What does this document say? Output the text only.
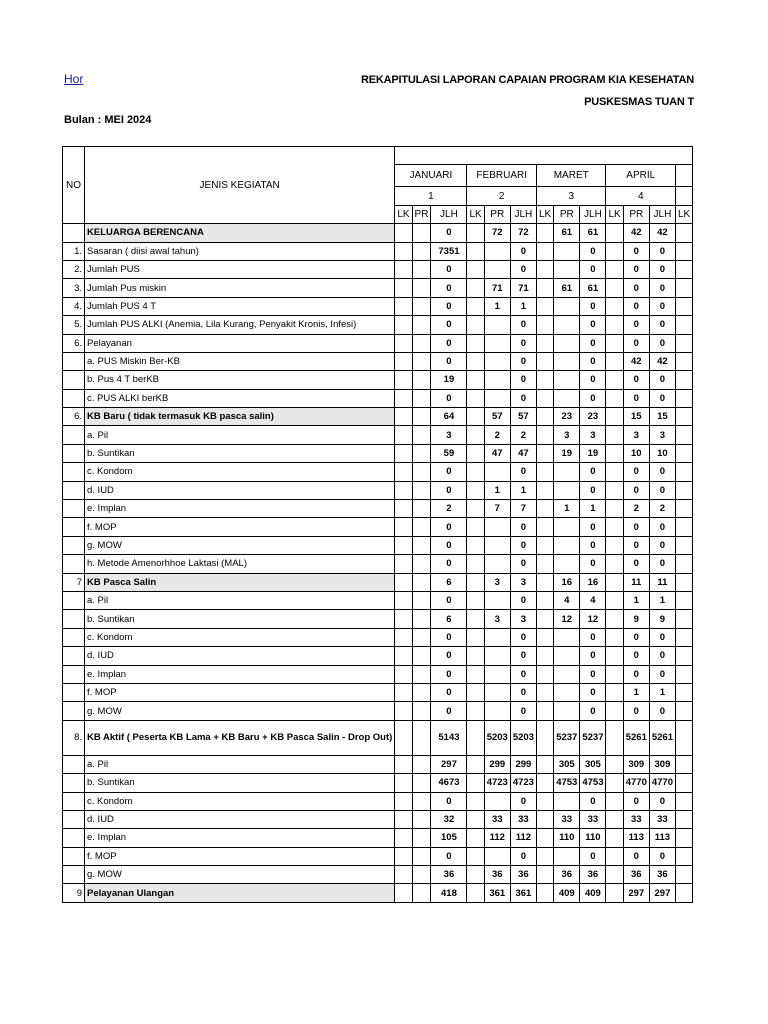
Hor	REKAPITULASI LAPORAN CAPAIAN PROGRAM KIA KESEHATAN
PUSKESMAS TUAN T
Bulan : MEI 2024
NO	JENIS KEGIATAN													
		JANUARI			FEBRUARI			MARET			APRIL			
		1			2			3			4			
		LK	PR	JLH	LK	PR	JLH	LK	PR	JLH	LK	PR	JLH	LK
	KELUARGA BERENCANA			0		72	72		61	61		42	42	
1.	Sasaran ( diisi awal tahun)			7351			0			0		0	0	
2.	Jumlah PUS			0			0			0		0	0	
3.	Jumlah Pus miskin			0		71	71		61	61		0	0	
4.	Jumlah PUS 4 T			0		1	1			0		0	0	
5.	Jumlah PUS ALKI (Anemia, Lila Kurang, Penyakit Kronis, Infesi)			0			0			0		0	0	
6.	Pelayanan			0			0			0		0	0	
	a. PUS Miskin Ber-KB			0			0			0		42	42	
	b. Pus 4 T berKB			19			0			0		0	0	
	c. PUS ALKI berKB			0			0			0		0	0	
6.	KB Baru ( tidak termasuk KB pasca salin)			64		57	57		23	23		15	15	
	a. Pil			3		2	2		3	3		3	3	
	b. Suntikan			59		47	47		19	19		10	10	
	c. Kondom			0			0			0		0	0	
	d. IUD			0		1	1			0		0	0	
	e. Implan			2		7	7		1	1		2	2	
	f. MOP			0			0			0		0	0	
	g. MOW			0			0			0		0	0	
	h. Metode Amenorhhoe Laktasi (MAL)			0			0			0		0	0	
7	KB Pasca Salin			6		3	3		16	16		11	11	
	a. Pil			0			0		4	4		1	1	
	b. Suntikan			6		3	3		12	12		9	9	
	c. Kondom			0			0			0		0	0	
	d. IUD			0			0			0		0	0	
	e. Implan			0			0			0		0	0	
	f. MOP			0			0			0		1	1	
	g. MOW			0			0			0		0	0	
8.	KB Aktif ( Peserta KB Lama + KB Baru + KB Pasca Salin - Drop Out)			5143		5203	5203		5237	5237		5261	5261	
	a. Pil			297		299	299		305	305		309	309	
	b. Suntikan			4673		4723	4723		4753	4753		4770	4770	
	c. Kondom			0			0			0		0	0	
	d. IUD			32		33	33		33	33		33	33	
	e. Implan			105		112	112		110	110		113	113	
	f. MOP			0			0			0		0	0	
	g. MOW			36		36	36		36	36		36	36	
9	Pelayanan Ulangan			418		361	361		409	409		297	297	
